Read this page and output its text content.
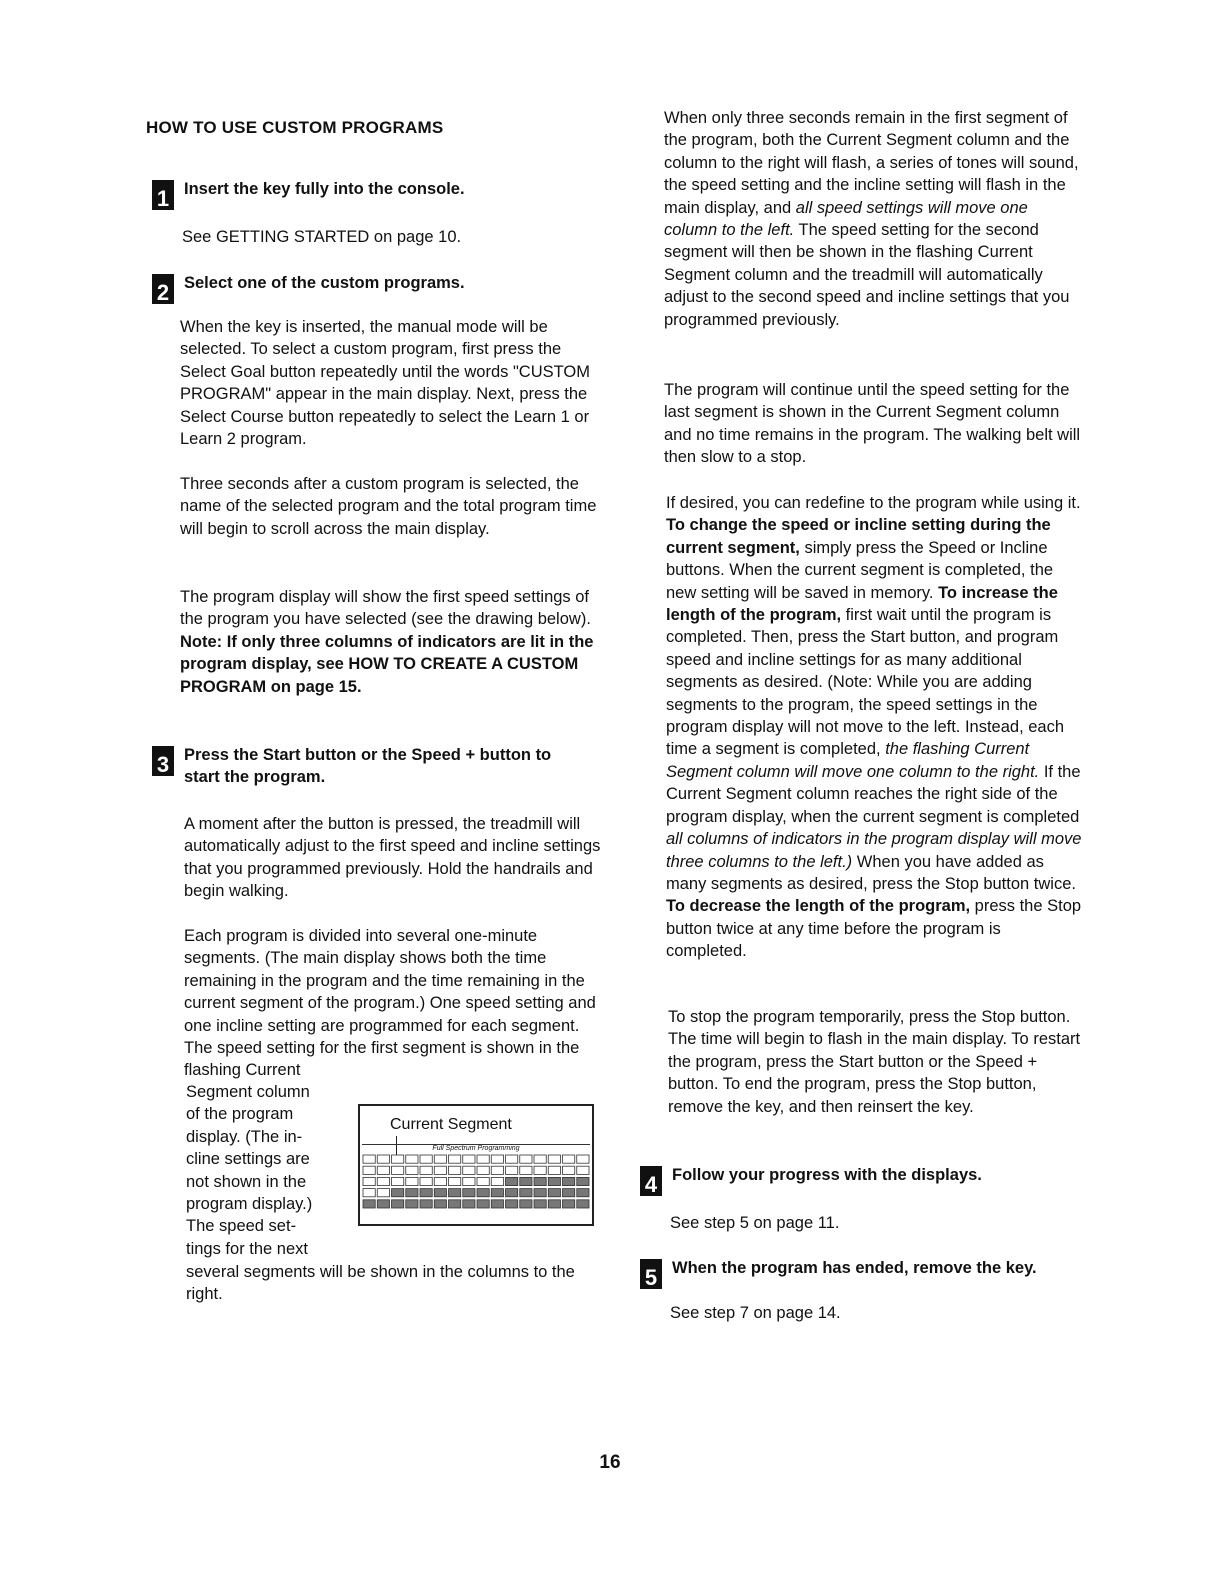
HOW TO USE CUSTOM PROGRAMS
1 Insert the key fully into the console.

See GETTING STARTED on page 10.

2 Select one of the custom programs.

When the key is inserted, the manual mode will be selected. To select a custom program, first press the Select Goal button repeatedly until the words "CUSTOM PROGRAM" appear in the main display. Next, press the Select Course button repeatedly to select the Learn 1 or Learn 2 program.

Three seconds after a custom program is selected, the name of the selected program and the total program time will begin to scroll across the main display.

The program display will show the first speed settings of the program you have selected (see the drawing below). Note: If only three columns of indicators are lit in the program display, see HOW TO CREATE A CUSTOM PROGRAM on page 15.

3 Press the Start button or the Speed + button to
start the program.

A moment after the button is pressed, the treadmill will automatically adjust to the first speed and incline settings that you programmed previously. Hold the handrails and begin walking.

Each program is divided into several one-minute segments. (The main display shows both the time remaining in the program and the time remaining in the current segment of the program.) One speed setting and one incline setting are programmed for each segment. The speed setting for the first segment is shown in the flashing Current

Segment column
of the program
display. (The in-
cline settings are
not shown in the
program display.)
The speed set-
tings for the next

several segments will be shown in the columns to the right.

Current Segment
Full Spectrum Programming

When only three seconds remain in the first segment of the program, both the Current Segment column and the column to the right will flash, a series of tones will sound, the speed setting and the incline setting will flash in the main display, and all speed settings will move one column to the left. The speed setting for the second segment will then be shown in the flashing Current Segment column and the treadmill will automatically adjust to the second speed and incline settings that you programmed previously.

The program will continue until the speed setting for the last segment is shown in the Current Segment column and no time remains in the program. The walking belt will then slow to a stop.

If desired, you can redefine to the program while using it. To change the speed or incline setting during the current segment, simply press the Speed or Incline buttons. When the current segment is completed, the new setting will be saved in memory. To increase the length of the program, first wait until the program is completed. Then, press the Start button, and program speed and incline settings for as many additional segments as desired. (Note: While you are adding segments to the program, the speed settings in the program display will not move to the left. Instead, each time a segment is completed, the flashing Current Segment column will move one column to the right. If the Current Segment column reaches the right side of the program display, when the current segment is completed all columns of indicators in the program display will move three columns to the left.) When you have added as many segments as desired, press the Stop button twice. To decrease the length of the program, press the Stop button twice at any time before the program is completed.

To stop the program temporarily, press the Stop button. The time will begin to flash in the main display. To restart the program, press the Start button or the Speed + button. To end the program, press the Stop button, remove the key, and then reinsert the key.

4 Follow your progress with the displays.

See step 5 on page 11.

5 When the program has ended, remove the key.

See step 7 on page 14.

16
